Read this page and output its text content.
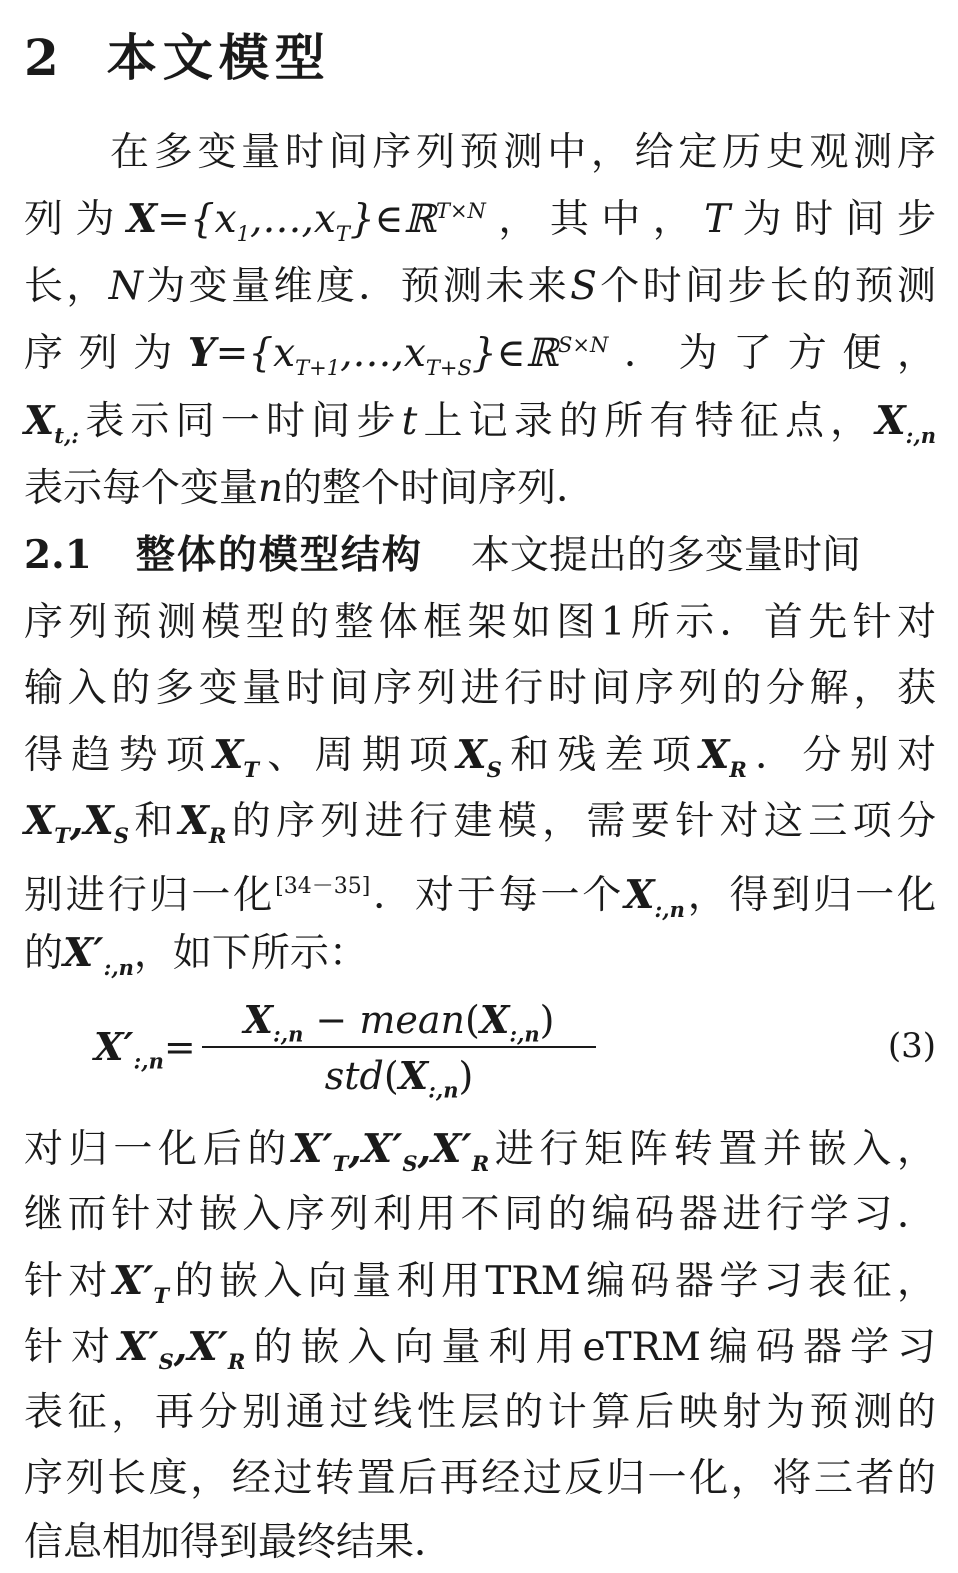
2 本文模型
在多变量时间序列预测中，给定历史观测序
列为$X=\{x_1,\dots,x_T\}\in ℝ^{T\times N}$，其中，T为时间步
长，N为变量维度．预测未来S个时间步长的预测
序列为$Y=\{x_{T+1},\dots,x_{T+S}\}\in ℝ^{S\times N}$．为了方便，
$X_{t,:}$表示同一时间步t上记录的所有特征点，$X_{:,n}$
表示每个变量n的整个时间序列．
2.1 整体的模型结构 本文提出的多变量时间
序列预测模型的整体框架如图1所示．首先针对
输入的多变量时间序列进行时间序列的分解，获
得趋势项$X_T$、周期项$X_S$和残差项$X_R$．分别对
$X_T,X_S$和$X_R$的序列进行建模，需要针对这三项分
别进行归一化[34－35]．对于每一个$X_{:,n}$，得到归一化
的$X'_{:,n}$，如下所示：
$X'_{:,n}=$
$X_{:,n}$ − $mean(X_{:,n})$
$std(X_{:,n})$
(3)
对归一化后的$X'_T,X'_S,X'_R$进行矩阵转置并嵌入，
继而针对嵌入序列利用不同的编码器进行学习．
针对$X'_T$的嵌入向量利用TRM编码器学习表征，
针对$X'_S,X'_R$的嵌入向量利用eTRM编码器学习
表征，再分别通过线性层的计算后映射为预测的
序列长度，经过转置后再经过反归一化，将三者的
信息相加得到最终结果．
